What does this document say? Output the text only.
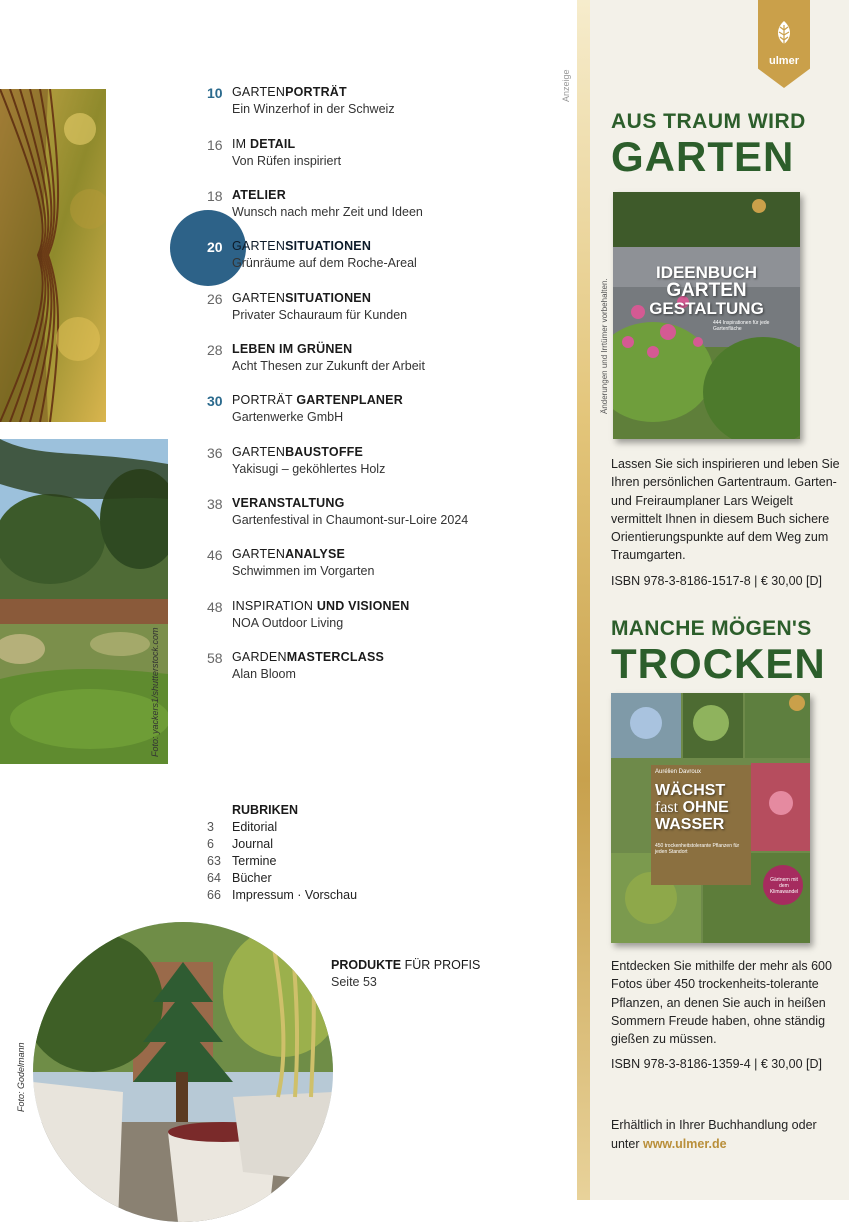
Foto: yackers1/shutterstock.com
Foto: Godelmann
10 GARTENPORTRÄT
Ein Winzerhof in der Schweiz
16 IM DETAIL
Von Rüfen inspiriert
18 ATELIER
Wunsch nach mehr Zeit und Ideen
20 GARTENSITUATIONEN
Grünräume auf dem Roche-Areal
26 GARTENSITUATIONEN
Privater Schauraum für Kunden
28 LEBEN IM GRÜNEN
Acht Thesen zur Zukunft der Arbeit
30 PORTRÄT GARTENPLANER
Gartenwerke GmbH
36 GARTENBAUSTOFFE
Yakisugi – geköhlertes Holz
38 VERANSTALTUNG
Gartenfestival in Chaumont-sur-Loire 2024
46 GARTENANALYSE
Schwimmen im Vorgarten
48 INSPIRATION UND VISIONEN
NOA Outdoor Living
58 GARDENMASTERCLASS
Alan Bloom
RUBRIKEN
3 Editorial
6 Journal
63 Termine
64 Bücher
66 Impressum · Vorschau
PRODUKTE FÜR PROFIS
Seite 53
Anzeige
ulmer
AUS TRAUM WIRD
GARTEN
Änderungen und Irrtümer vorbehalten.
IDEENBUCH
GARTEN
GESTALTUNG
444 Inspirationen für jede Gartenfläche
Lassen Sie sich inspirieren und leben Sie Ihren persönlichen Gartentraum. Garten- und Freiraumplaner Lars Weigelt vermittelt Ihnen in diesem Buch sichere Orientierungspunkte auf dem Weg zum Traumgarten.
ISBN 978-3-8186-1517-8 | € 30,00 [D]
MANCHE MÖGEN'S
TROCKEN
Aurélien Davroux
WÄCHST
fast OHNE
WASSER
450 trockenheitstolerante Pflanzen für jeden Standort
Gärtnern mit dem Klimawandel
Entdecken Sie mithilfe der mehr als 600 Fotos über 450 trockenheits-tolerante Pflanzen, an denen Sie auch in heißen Sommern Freude haben, ohne ständig gießen zu müssen.
ISBN 978-3-8186-1359-4 | € 30,00 [D]
Erhältlich in Ihrer Buchhandlung oder unter www.ulmer.de
